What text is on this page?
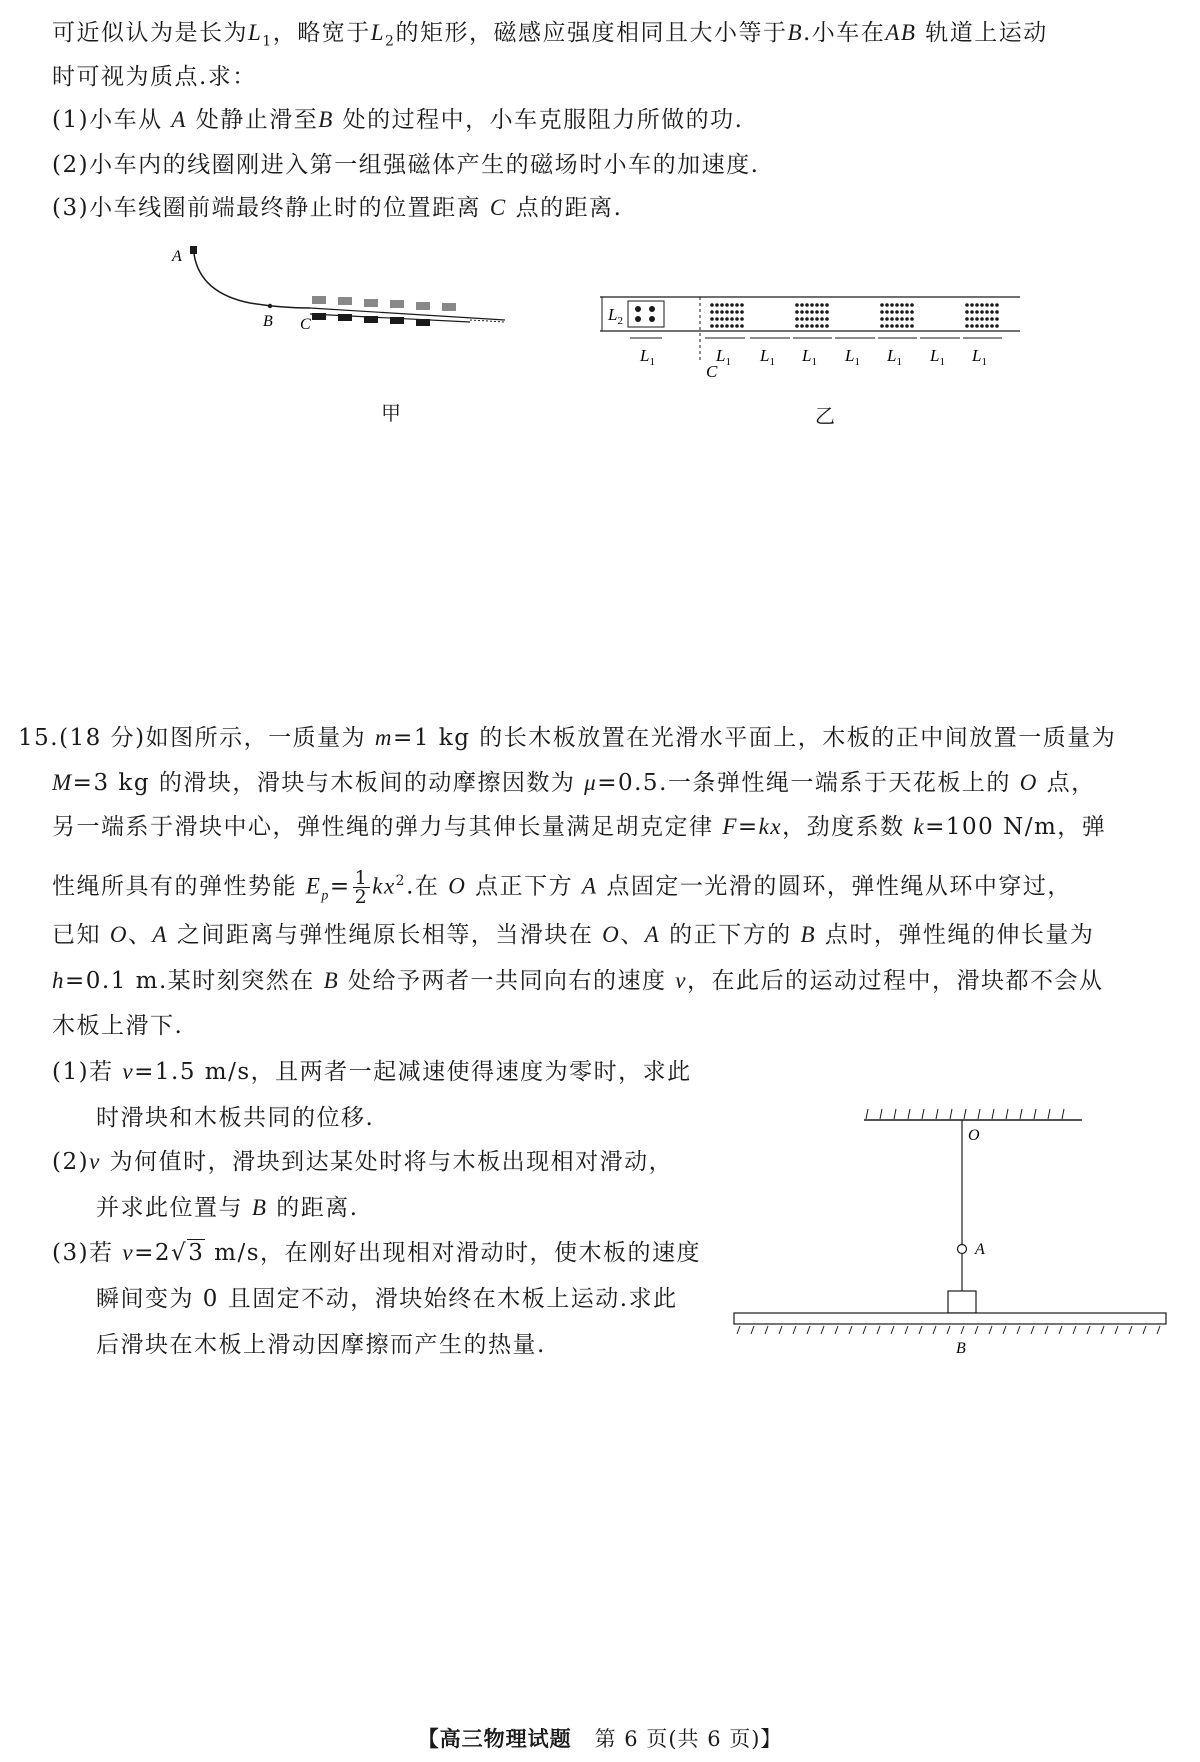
可近似认为是长为$L_1$，略宽于$L_2$的矩形，磁感应强度相同且大小等于B.小车在AB 轨道上运动
时可视为质点.求：
(1)小车从 A 处静止滑至B 处的过程中，小车克服阻力所做的功.
(2)小车内的线圈刚进入第一组强磁体产生的磁场时小车的加速度.
(3)小车线圈前端最终静止时的位置距离 C 点的距离.
A
B C
甲
$L_2$
$L_1$	$L_1$ $L_1$ $L_1$ $L_1$ $L_1$ $L_1$ $L_1$
C
乙
15.(18 分)如图所示，一质量为 m=1 kg 的长木板放置在光滑水平面上，木板的正中间放置一质量为
M=3 kg 的滑块，滑块与木板间的动摩擦因数为 μ=0.5.一条弹性绳一端系于天花板上的 O 点，
另一端系于滑块中心，弹性绳的弹力与其伸长量满足胡克定律 F=kx，劲度系数 k=100 N/m，弹
性绳所具有的弹性势能 $E_p= \frac{1}{2} kx^2$.在 O 点正下方 A 点固定一光滑的圆环，弹性绳从环中穿过，
已知 O、A 之间距离与弹性绳原长相等，当滑块在 O、A 的正下方的 B 点时，弹性绳的伸长量为
h=0.1 m.某时刻突然在 B 处给予两者一共同向右的速度 v，在此后的运动过程中，滑块都不会从
木板上滑下.
(1)若 v=1.5 m/s，且两者一起减速使得速度为零时，求此
时滑块和木板共同的位移.
(2)v 为何值时，滑块到达某处时将与木板出现相对滑动，
并求此位置与 B 的距离.
(3)若 v=2√3 m/s，在刚好出现相对滑动时，使木板的速度
瞬间变为 0 且固定不动，滑块始终在木板上运动.求此
后滑块在木板上滑动因摩擦而产生的热量.
O
A
B
【高三物理试题 第 6 页(共 6 页)】
